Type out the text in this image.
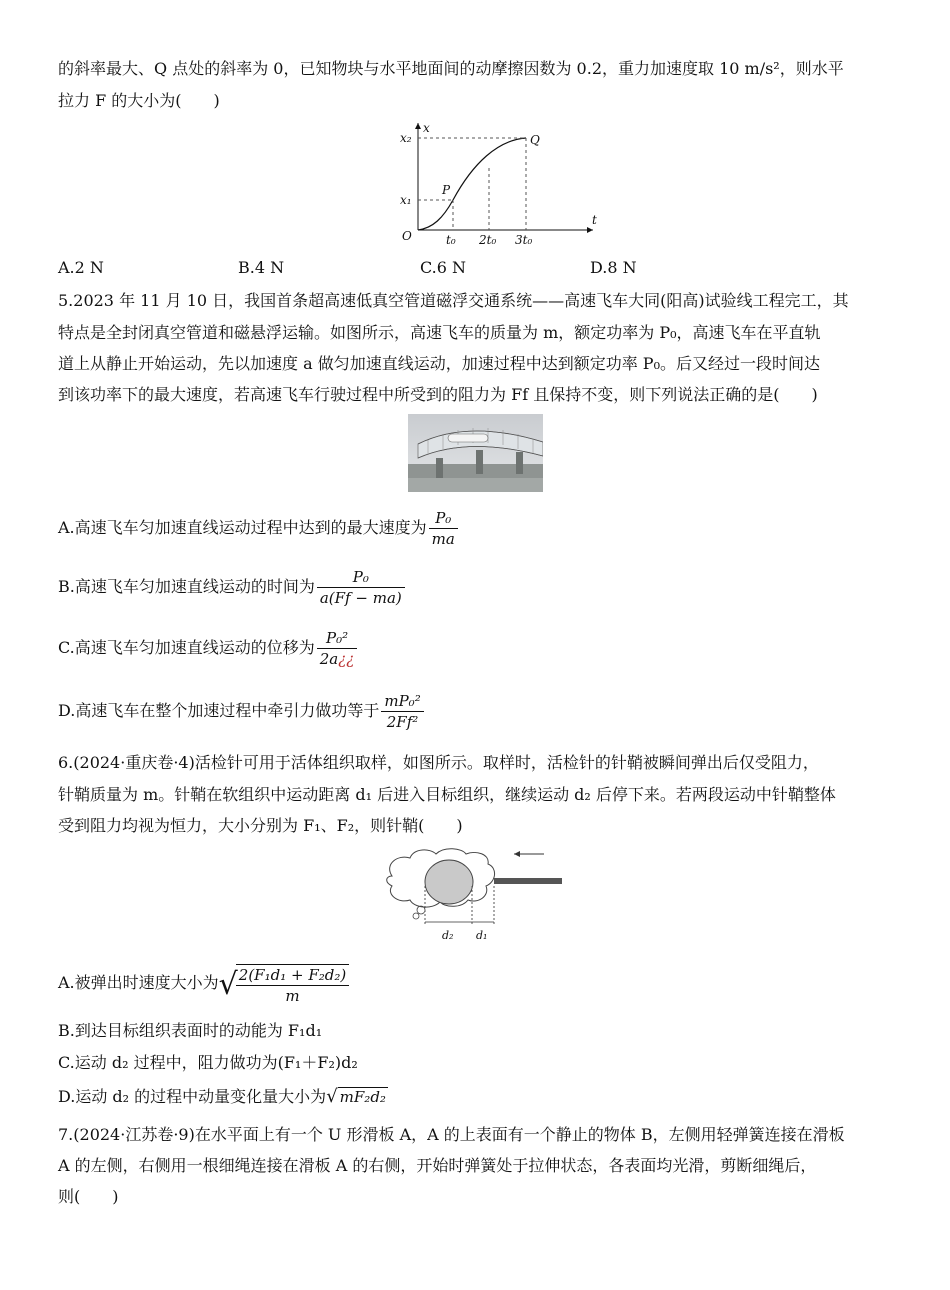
的斜率最大、Q 点处的斜率为 0，已知物块与水平地面间的动摩擦因数为 0.2，重力加速度取 10 m/s²，则水平
拉力 F 的大小为(　　)
x
t
O
x₂
x₁
P
Q
t₀ 2t₀ 3t₀
A.2 N	B.4 N	C.6 N	D.8 N
5.2023 年 11 月 10 日，我国首条超高速低真空管道磁浮交通系统——高速飞车大同(阳高)试验线工程完工，其
特点是全封闭真空管道和磁悬浮运输。如图所示，高速飞车的质量为 m，额定功率为 P₀，高速飞车在平直轨
道上从静止开始运动，先以加速度 a 做匀加速直线运动，加速过程中达到额定功率 P₀。后又经过一段时间达
到该功率下的最大速度，若高速飞车行驶过程中所受到的阻力为 Ff 且保持不变，则下列说法正确的是(　　)
A.高速飞车匀加速直线运动过程中达到的最大速度为 $\frac{\text{P₀}}{ma}$
B.高速飞车匀加速直线运动的时间为 $\frac{\text{P₀}}{a(Ff - ma)}$
C.高速飞车匀加速直线运动的位移为 $\frac{\text{P₀²}}{2a¿¿}$
D.高速飞车在整个加速过程中牵引力做功等于 $\frac{\text{mP₀²}}{\text{2Ff²}}$
6.(2024·重庆卷·4)活检针可用于活体组织取样，如图所示。取样时，活检针的针鞘被瞬间弹出后仅受阻力，
针鞘质量为 m。针鞘在软组织中运动距离 d₁ 后进入目标组织，继续运动 d₂ 后停下来。若两段运动中针鞘整体
受到阻力均视为恒力，大小分别为 F₁、F₂，则针鞘(　　)
d₂ d₁
A.被弹出时速度大小为√
$\frac{\text{2(F₁d₁ + F₂d₂)}}{m}$
B.到达目标组织表面时的动能为 F₁d₁
C.运动 d₂ 过程中，阻力做功为(F₁＋F₂)d₂
D.运动 d₂ 的过程中动量变化量大小为√ mF₂d₂
7.(2024·江苏卷·9)在水平面上有一个 U 形滑板 A，A 的上表面有一个静止的物体 B，左侧用轻弹簧连接在滑板
A 的左侧，右侧用一根细绳连接在滑板 A 的右侧，开始时弹簧处于拉伸状态，各表面均光滑，剪断细绳后，
则(　　)
